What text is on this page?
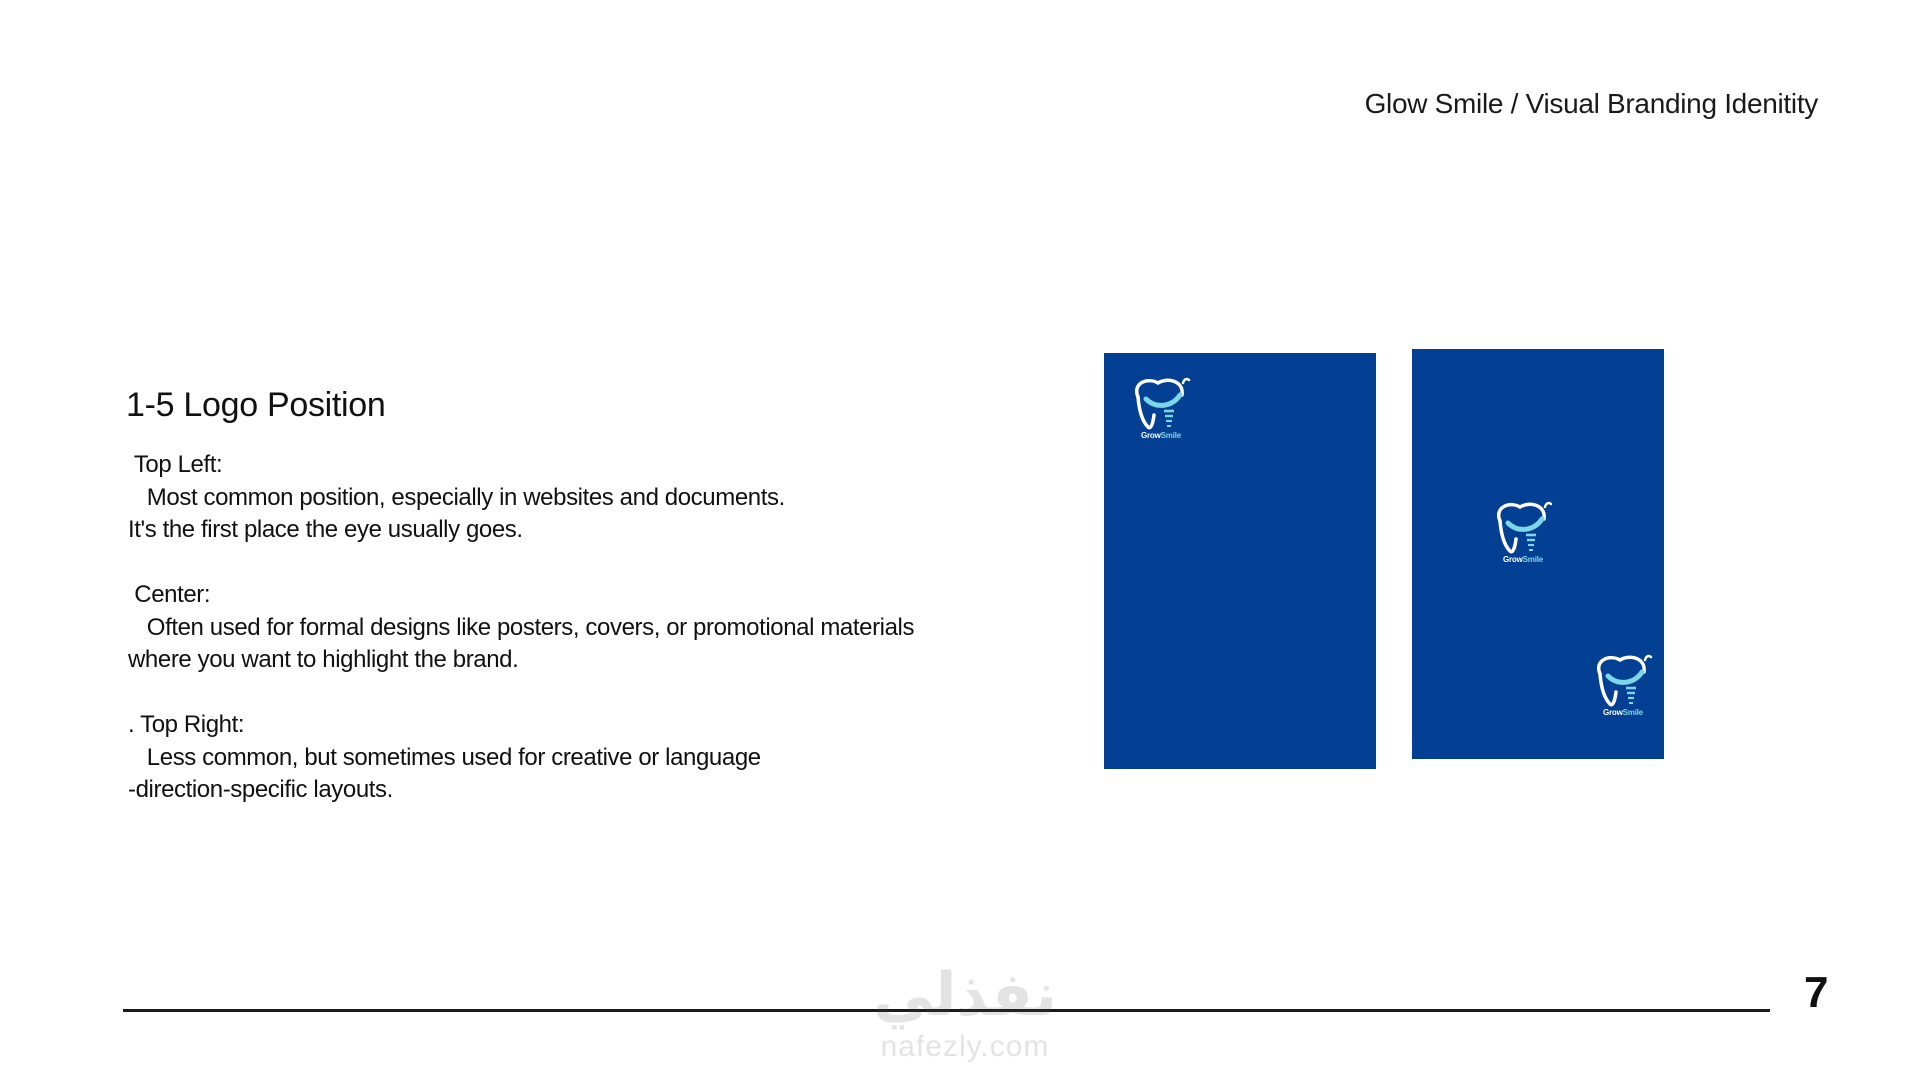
Glow Smile / Visual Branding Idenitity
1-5 Logo Position

Top Left:

Most common position, especially in websites and documents.

It's the first place the eye usually goes.

Center:

Often used for formal designs like posters, covers, or promotional materials

where you want to highlight the brand.

. Top Right:

Less common, but sometimes used for creative or language

-direction-specific layouts.

GrowSmile
GrowSmile
GrowSmile
نفذلي
nafezly.com
7
